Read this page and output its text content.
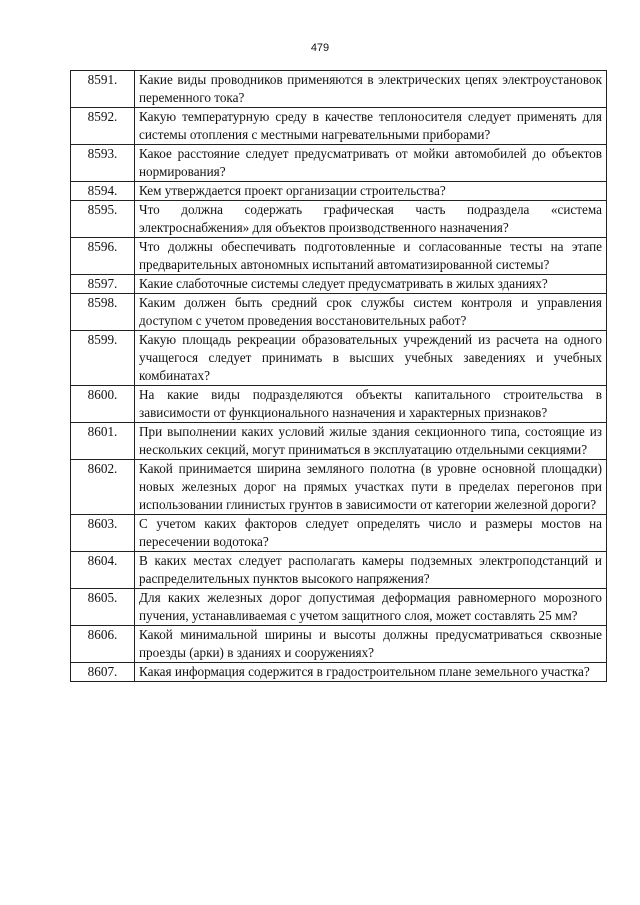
479
8591.	Какие виды проводников применяются в электрических цепях электроустановок переменного тока?
8592.	Какую температурную среду в качестве теплоносителя следует применять для системы отопления с местными нагревательными приборами?
8593.	Какое расстояние следует предусматривать от мойки автомобилей до объектов нормирования?
8594.	Кем утверждается проект организации строительства?
8595.	Что должна содержать графическая часть подраздела «система электроснабжения» для объектов производственного назначения?
8596.	Что должны обеспечивать подготовленные и согласованные тесты на этапе предварительных автономных испытаний автоматизированной системы?
8597.	Какие слаботочные системы следует предусматривать в жилых зданиях?
8598.	Каким должен быть средний срок службы систем контроля и управления доступом с учетом проведения восстановительных работ?
8599.	Какую площадь рекреации образовательных учреждений из расчета на одного учащегося следует принимать в высших учебных заведениях и учебных комбинатах?
8600.	На какие виды подразделяются объекты капитального строительства в зависимости от функционального назначения и характерных признаков?
8601.	При выполнении каких условий жилые здания секционного типа, состоящие из нескольких секций, могут приниматься в эксплуатацию отдельными секциями?
8602.	Какой принимается ширина земляного полотна (в уровне основной площадки) новых железных дорог на прямых участках пути в пределах перегонов при использовании глинистых грунтов в зависимости от категории железной дороги?
8603.	С учетом каких факторов следует определять число и размеры мостов на пересечении водотока?
8604.	В каких местах следует располагать камеры подземных электроподстанций и распределительных пунктов высокого напряжения?
8605.	Для каких железных дорог допустимая деформация равномерного морозного пучения, устанавливаемая с учетом защитного слоя, может составлять 25 мм?
8606.	Какой минимальной ширины и высоты должны предусматриваться сквозные проезды (арки) в зданиях и сооружениях?
8607.	Какая информация содержится в градостроительном плане земельного участка?
